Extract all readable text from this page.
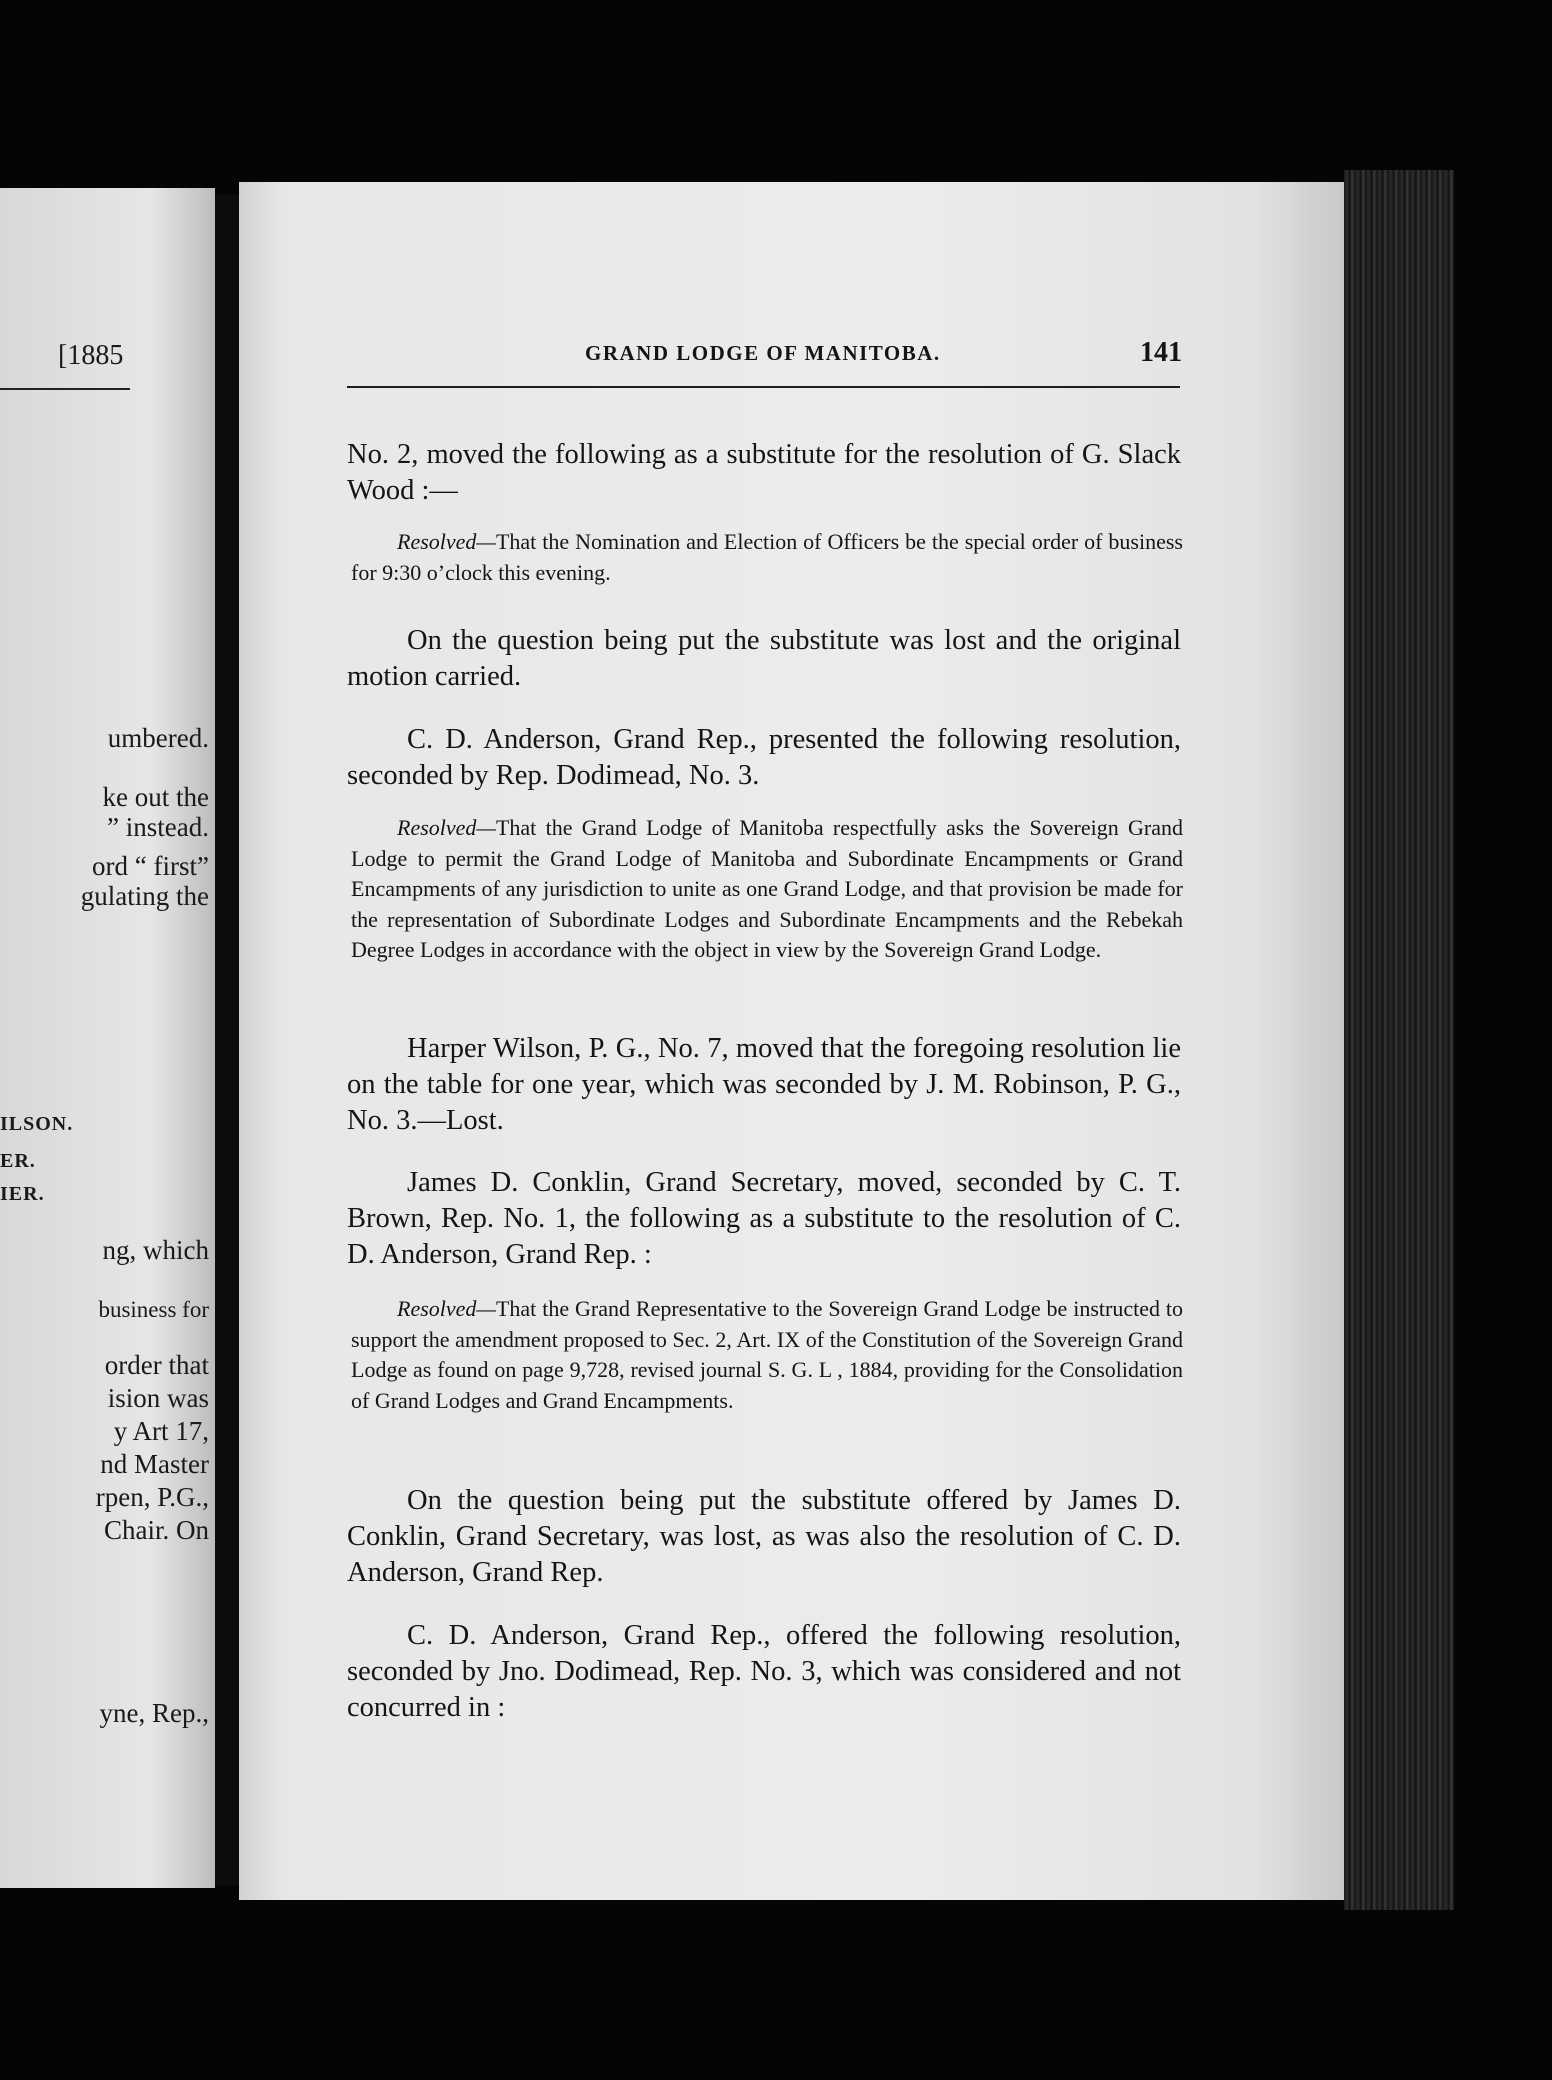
[1885
umbered.
ke out the
” instead.
ord “ first”
gulating the
ILSON.
ER.
IER.
ng, which
business for
order that
ision was
y Art 17,
nd Master
rpen, P.G.,
Chair. On
yne, Rep.,
GRAND LODGE OF MANITOBA.	141

No. 2, moved the following as a substitute for the resolution of G. Slack Wood :—

Resolved—That the Nomination and Election of Officers be the special order of business for 9:30 o’clock this evening.

On the question being put the substitute was lost and the original motion carried.

C. D. Anderson, Grand Rep., presented the following resolution, seconded by Rep. Dodimead, No. 3.

Resolved—That the Grand Lodge of Manitoba respectfully asks the Sovereign Grand Lodge to permit the Grand Lodge of Manitoba and Subordinate Encampments or Grand Encampments of any jurisdiction to unite as one Grand Lodge, and that provision be made for the representation of Subordinate Lodges and Subordinate Encampments and the Rebekah Degree Lodges in accordance with the object in view by the Sovereign Grand Lodge.

Harper Wilson, P. G., No. 7, moved that the foregoing resolution lie on the table for one year, which was seconded by J. M. Robinson, P. G., No. 3.—Lost.

James D. Conklin, Grand Secretary, moved, seconded by C. T. Brown, Rep. No. 1, the following as a substitute to the resolution of C. D. Anderson, Grand Rep. :

Resolved—That the Grand Representative to the Sovereign Grand Lodge be instructed to support the amendment proposed to Sec. 2, Art. IX of the Constitution of the Sovereign Grand Lodge as found on page 9,728, revised journal S. G. L , 1884, providing for the Consolidation of Grand Lodges and Grand Encampments.

On the question being put the substitute offered by James D. Conklin, Grand Secretary, was lost, as was also the resolution of C. D. Anderson, Grand Rep.

C. D. Anderson, Grand Rep., offered the following resolution, seconded by Jno. Dodimead, Rep. No. 3, which was considered and not concurred in :
